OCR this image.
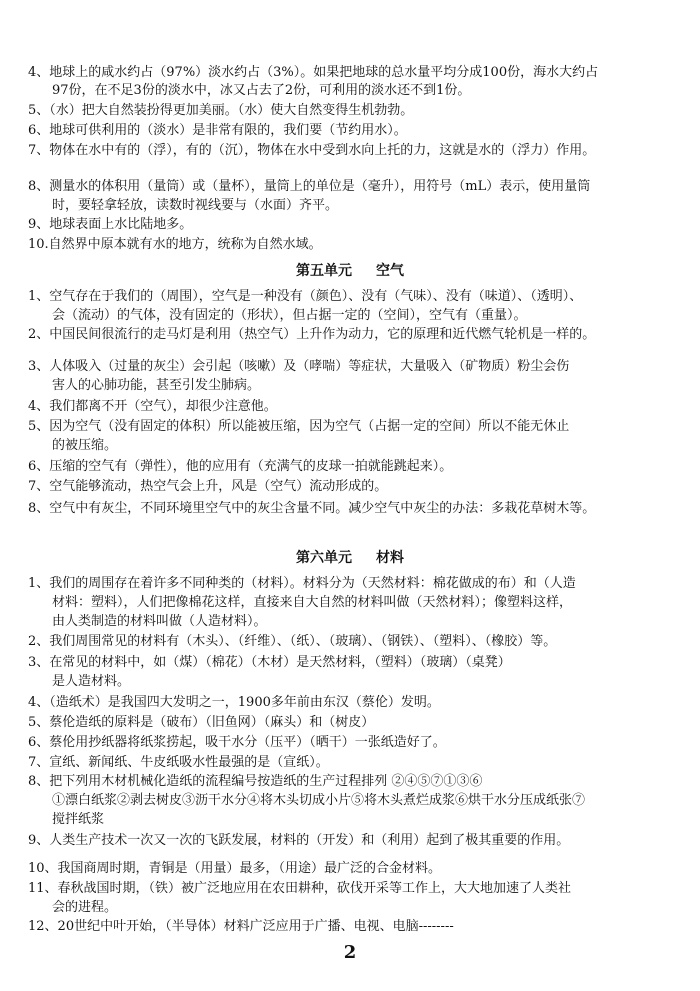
4、地球上的咸水约占（97%）淡水约占（3%）。如果把地球的总水量平均分成100份，海水大约占
97份，在不足3份的淡水中，冰又占去了2份，可利用的淡水还不到1份。
5、（水）把大自然装扮得更加美丽。（水）使大自然变得生机勃勃。
6、地球可供利用的（淡水）是非常有限的，我们要（节约用水）。
7、物体在水中有的（浮），有的（沉），物体在水中受到水向上托的力，这就是水的（浮力）作用。
8、测量水的体积用（量筒）或（量杯），量筒上的单位是（毫升），用符号（mL）表示，使用量筒
时，要轻拿轻放，读数时视线要与（水面）齐平。
9、地球表面上水比陆地多。
10.自然界中原本就有水的地方，统称为自然水域。
第五单元 空气
1、空气存在于我们的（周围），空气是一种没有（颜色）、没有（气味）、没有（味道）、（透明）、
会（流动）的气体，没有固定的（形状），但占据一定的（空间），空气有（重量）。
2、中国民间很流行的走马灯是利用（热空气）上升作为动力，它的原理和近代燃气轮机是一样的。
3、人体吸入（过量的灰尘）会引起（咳嗽）及（哮喘）等症状，大量吸入（矿物质）粉尘会伤
害人的心肺功能，甚至引发尘肺病。
4、我们都离不开（空气），却很少注意他。
5、因为空气（没有固定的体积）所以能被压缩，因为空气（占据一定的空间）所以不能无休止
的被压缩。
6、压缩的空气有（弹性），他的应用有（充满气的皮球一拍就能跳起来）。
7、空气能够流动，热空气会上升，风是（空气）流动形成的。
8、空气中有灰尘，不同环境里空气中的灰尘含量不同。减少空气中灰尘的办法：多栽花草树木等。
第六单元 材料
1、我们的周围存在着许多不同种类的（材料）。材料分为（天然材料：棉花做成的布）和（人造
材料：塑料），人们把像棉花这样，直接来自大自然的材料叫做（天然材料）；像塑料这样，
由人类制造的材料叫做（人造材料）。
2、我们周围常见的材料有（木头）、（纤维）、（纸）、（玻璃）、（钢铁）、（塑料）、（橡胶）等。
3、在常见的材料中，如（煤）（棉花）（木材）是天然材料，（塑料）（玻璃）（桌凳）
是人造材料。
4、（造纸术）是我国四大发明之一，1900多年前由东汉（蔡伦）发明。
5、蔡伦造纸的原料是（破布）（旧鱼网）（麻头）和（树皮）
6、蔡伦用抄纸器将纸浆捞起，吸干水分（压平）（晒干）一张纸造好了。
7、宣纸、新闻纸、牛皮纸吸水性最强的是（宣纸）。
8、把下列用木材机械化造纸的流程编号按造纸的生产过程排列 ②④⑤⑦①③⑥
①漂白纸浆②剥去树皮③沥干水分④将木头切成小片⑤将木头煮烂成浆⑥烘干水分压成纸张⑦
搅拌纸浆
9、人类生产技术一次又一次的飞跃发展，材料的（开发）和（利用）起到了极其重要的作用。
10、我国商周时期，青铜是（用量）最多，（用途）最广泛的合金材料。
11、春秋战国时期，（铁）被广泛地应用在农田耕种，砍伐开采等工作上，大大地加速了人类社
会的进程。
12、20世纪中叶开始，（半导体）材料广泛应用于广播、电视、电脑--------
2
